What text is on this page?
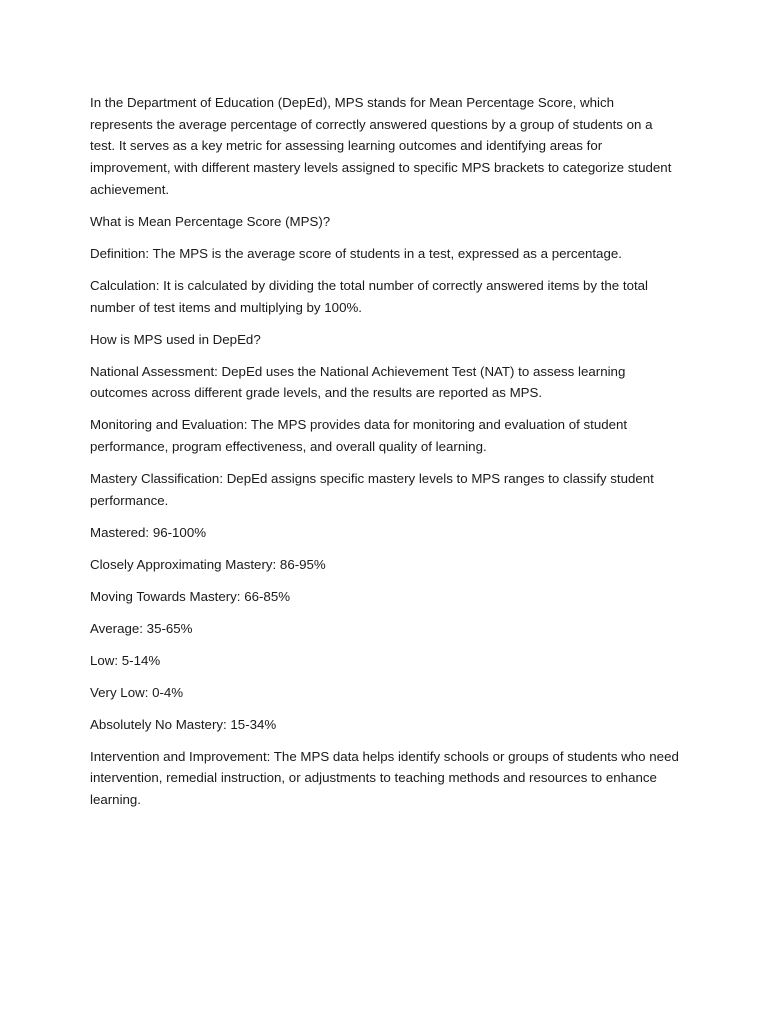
In the Department of Education (DepEd), MPS stands for Mean Percentage Score, which represents the average percentage of correctly answered questions by a group of students on a test. It serves as a key metric for assessing learning outcomes and identifying areas for improvement, with different mastery levels assigned to specific MPS brackets to categorize student achievement.

What is Mean Percentage Score (MPS)?

Definition: The MPS is the average score of students in a test, expressed as a percentage.

Calculation: It is calculated by dividing the total number of correctly answered items by the total number of test items and multiplying by 100%.

How is MPS used in DepEd?

National Assessment: DepEd uses the National Achievement Test (NAT) to assess learning outcomes across different grade levels, and the results are reported as MPS.

Monitoring and Evaluation: The MPS provides data for monitoring and evaluation of student performance, program effectiveness, and overall quality of learning.

Mastery Classification: DepEd assigns specific mastery levels to MPS ranges to classify student performance.

Mastered: 96-100%

Closely Approximating Mastery: 86-95%

Moving Towards Mastery: 66-85%

Average: 35-65%

Low: 5-14%

Very Low: 0-4%

Absolutely No Mastery: 15-34%

Intervention and Improvement: The MPS data helps identify schools or groups of students who need intervention, remedial instruction, or adjustments to teaching methods and resources to enhance learning.
